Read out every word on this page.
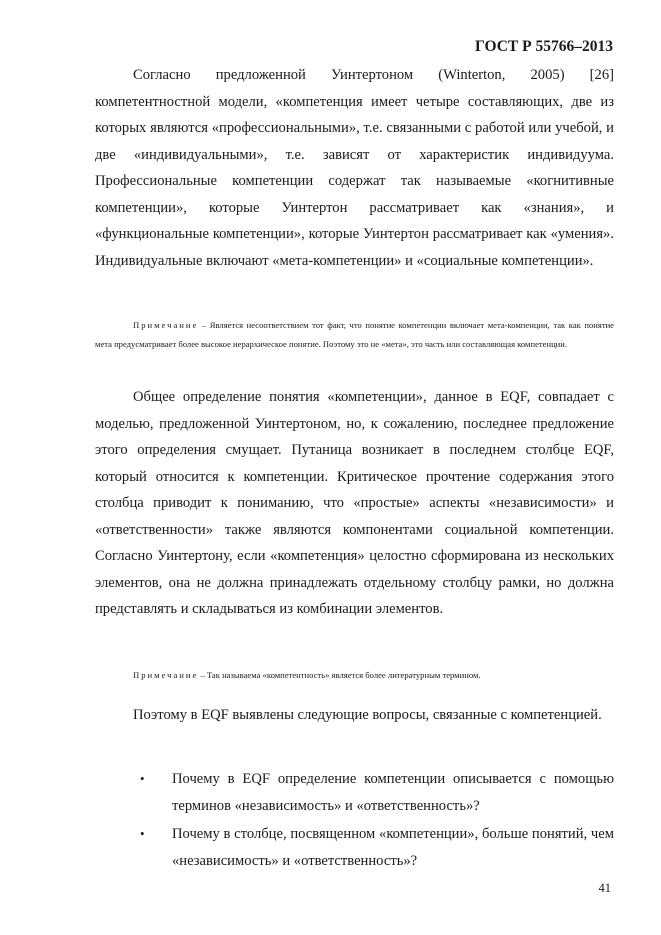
ГОСТ Р 55766–2013
Согласно предложенной Уинтертоном (Winterton, 2005) [26] компетентностной модели, «компетенция имеет четыре составляющих, две из которых являются «профессиональными», т.е. связанными с работой или учебой, и две «индивидуальными», т.е. зависят от характеристик индивидуума. Профессиональные компетенции содержат так называемые «когнитивные компетенции», которые Уинтертон рассматривает как «знания», и «функциональные компетенции», которые Уинтертон рассматривает как «умения». Индивидуальные включают «мета-компетенции» и «социальные компетенции».
Примечание – Является несоответствием тот факт, что понятие компетенции включает мета-компенции, так как понятие мета предусматривает более высокое иерархическое понятие. Поэтому это не «мета», это часть или составляющая компетенции.
Общее определение понятия «компетенции», данное в EQF, совпадает с моделью, предложенной Уинтертоном, но, к сожалению, последнее предложение этого определения смущает. Путаница возникает в последнем столбце EQF, который относится к компетенции. Критическое прочтение содержания этого столбца приводит к пониманию, что «простые» аспекты «независимости» и «ответственности» также являются компонентами социальной компетенции. Согласно Уинтертону, если «компетенция» целостно сформирована из нескольких элементов, она не должна принадлежать отдельному столбцу рамки, но должна представлять и складываться из комбинации элементов.
Примечание – Так называема «компетентность» является более литературным термином.
Поэтому в EQF выявлены следующие вопросы, связанные с компетенцией.
• Почему в EQF определение компетенции описывается с помощью терминов «независимость» и «ответственность»?
• Почему в столбце, посвященном «компетенции», больше понятий, чем «независимость» и «ответственность»?
41
